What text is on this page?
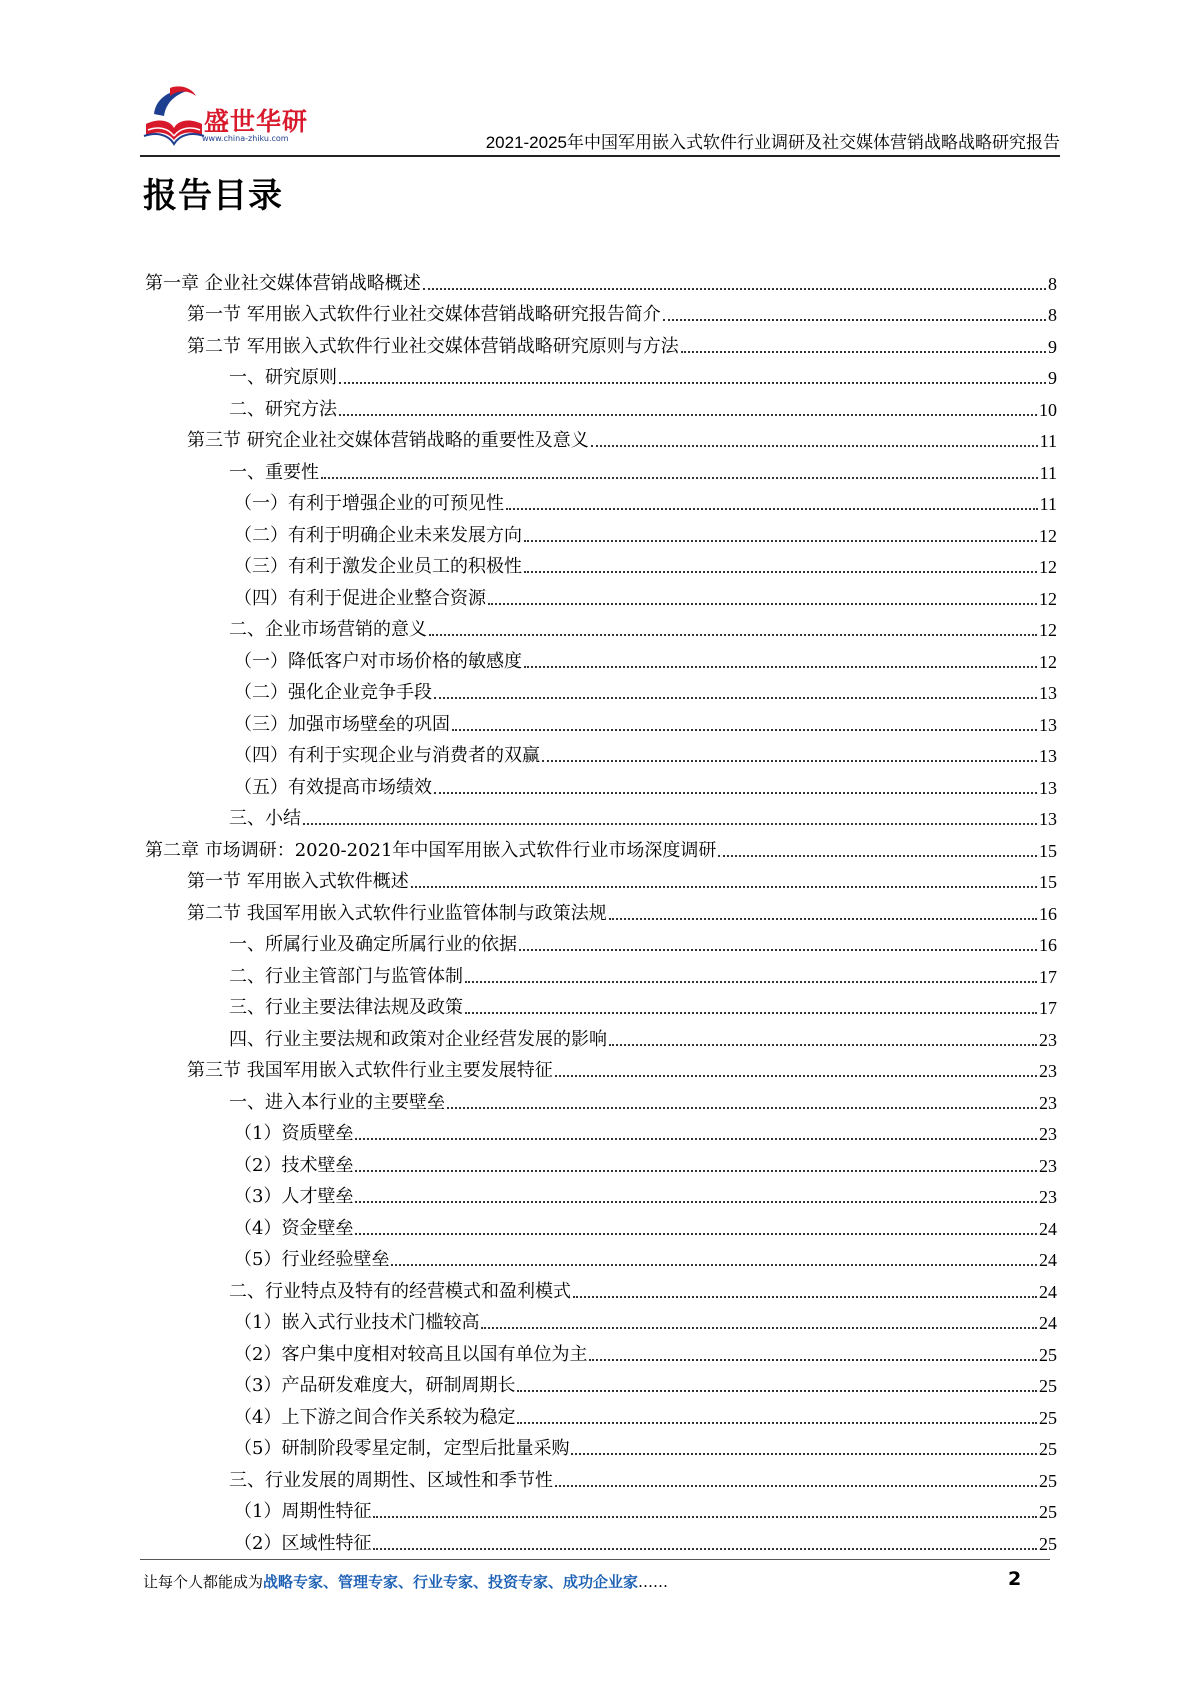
盛世华研
www.china-zhiku.com	2021-2025年中国军用嵌入式软件行业调研及社交媒体营销战略战略研究报告
报告目录
第一章 企业社交媒体营销战略概述	8
第一节 军用嵌入式软件行业社交媒体营销战略研究报告简介	8
第二节 军用嵌入式软件行业社交媒体营销战略研究原则与方法	9
一、研究原则	9
二、研究方法	10
第三节 研究企业社交媒体营销战略的重要性及意义	11
一、重要性	11
（一）有利于增强企业的可预见性	11
（二）有利于明确企业未来发展方向	12
（三）有利于激发企业员工的积极性	12
（四）有利于促进企业整合资源	12
二、企业市场营销的意义	12
（一）降低客户对市场价格的敏感度	12
（二）强化企业竞争手段	13
（三）加强市场壁垒的巩固	13
（四）有利于实现企业与消费者的双赢	13
（五）有效提高市场绩效	13
三、小结	13
第二章 市场调研：2020-2021年中国军用嵌入式软件行业市场深度调研	15
第一节 军用嵌入式软件概述	15
第二节 我国军用嵌入式软件行业监管体制与政策法规	16
一、所属行业及确定所属行业的依据	16
二、行业主管部门与监管体制	17
三、行业主要法律法规及政策	17
四、行业主要法规和政策对企业经营发展的影响	23
第三节 我国军用嵌入式软件行业主要发展特征	23
一、进入本行业的主要壁垒	23
（1）资质壁垒	23
（2）技术壁垒	23
（3）人才壁垒	23
（4）资金壁垒	24
（5）行业经验壁垒	24
二、行业特点及特有的经营模式和盈利模式	24
（1）嵌入式行业技术门槛较高	24
（2）客户集中度相对较高且以国有单位为主	25
（3）产品研发难度大，研制周期长	25
（4）上下游之间合作关系较为稳定	25
（5）研制阶段零星定制，定型后批量采购	25
三、行业发展的周期性、区域性和季节性	25
（1）周期性特征	25
（2）区域性特征	25
让每个人都能成为战略专家、管理专家、行业专家、投资专家、成功企业家……	2
